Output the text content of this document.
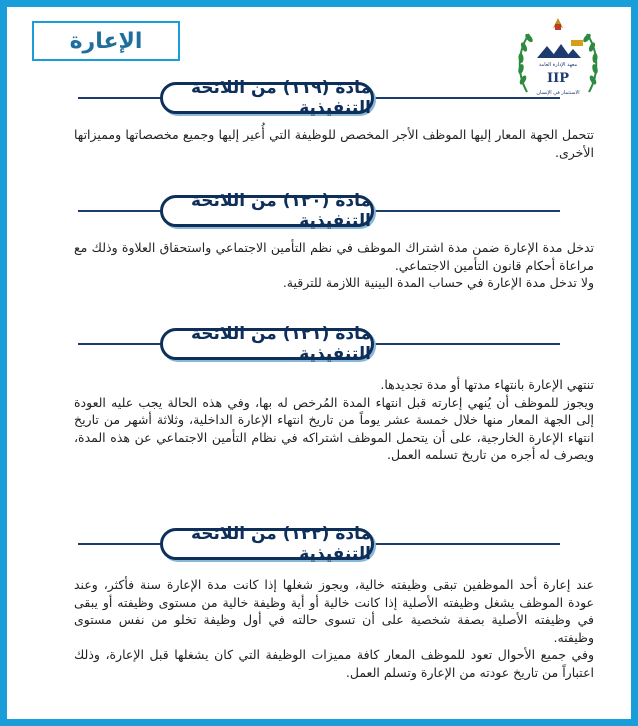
الإعارة
معهد الإدارة العامة
IIP
الاستثمار في الإنسان
مادة (١١٩) من اللائحة التنفيذية

تتحمل الجهة المعار إليها الموظف الأجر المخصص للوظيفة التي أُعير إليها وجميع مخصصاتها ومميزاتها الأخرى.

مادة (١٢٠) من اللائحة التنفيذية

تدخل مدة الإعارة ضمن مدة اشتراك الموظف في نظم التأمين الاجتماعي واستحقاق العلاوة وذلك مع مراعاة أحكام قانون التأمين الاجتماعي.

ولا تدخل مدة الإعارة في حساب المدة البينية اللازمة للترقية.

مادة (١٢١) من اللائحة التنفيذية

تنتهي الإعارة بانتهاء مدتها أو مدة تجديدها.

ويجوز للموظف أن يُنهي إعارته قبل انتهاء المدة المُرخص له بها، وفي هذه الحالة يجب عليه العودة إلى الجهة المعار منها خلال خمسة عشر يوماً من تاريخ انتهاء الإعارة الداخلية، وثلاثة أشهر من تاريخ انتهاء الإعارة الخارجية، على أن يتحمل الموظف اشتراكه في نظام التأمين الاجتماعي عن هذه المدة، ويصرف له أجره من تاريخ تسلمه العمل.

مادة (١٢٢) من اللائحة التنفيذية

عند إعارة أحد الموظفين تبقى وظيفته خالية، ويجوز شغلها إذا كانت مدة الإعارة سنة فأكثر، وعند عودة الموظف يشغل وظيفته الأصلية إذا كانت خالية أو أية وظيفة خالية من مستوى وظيفته أو يبقى في وظيفته الأصلية بصفة شخصية على أن تسوى حالته في أول وظيفة تخلو من نفس مستوى وظيفته.

وفي جميع الأحوال تعود للموظف المعار كافة مميزات الوظيفة التي كان يشغلها قبل الإعارة، وذلك اعتباراً من تاريخ عودته من الإعارة وتسلم العمل.
